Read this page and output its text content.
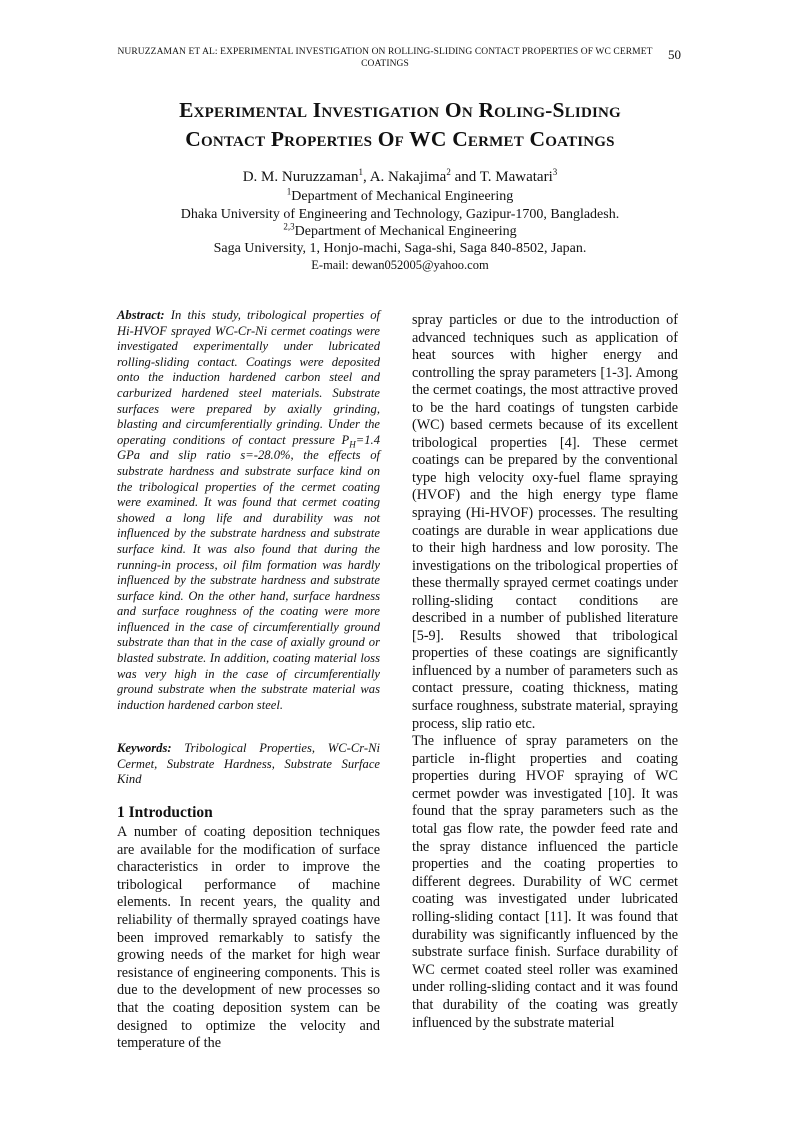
NURUZZAMAN ET AL: EXPERIMENTAL INVESTIGATION ON ROLLING-SLIDING CONTACT PROPERTIES OF WC CERMET COATINGS
50
Experimental Investigation On Roling-Sliding
Contact Properties Of WC Cermet Coatings
D. M. Nuruzzaman$^1$, A. Nakajima$^2$ and T. Mawatari$^3$
$^1$Department of Mechanical Engineering
Dhaka University of Engineering and Technology, Gazipur-1700, Bangladesh.
$^{2,3}$Department of Mechanical Engineering
Saga University, 1, Honjo-machi, Saga-shi, Saga 840-8502, Japan.
E-mail: dewan052005@yahoo.com

Abstract: In this study, tribological properties of Hi-HVOF sprayed WC-Cr-Ni cermet coatings were investigated experimentally under lubricated rolling-sliding contact. Coatings were deposited onto the induction hardened carbon steel and carburized hardened steel materials. Substrate surfaces were prepared by axially grinding, blasting and circumferentially grinding. Under the operating conditions of contact pressure $P_H=1.4$ GPa and slip ratio s=-28.0%, the effects of substrate hardness and substrate surface kind on the tribological properties of the cermet coating were examined. It was found that cermet coating showed a long life and durability was not influenced by the substrate hardness and substrate surface kind. It was also found that during the running-in process, oil film formation was hardly influenced by the substrate hardness and substrate surface kind. On the other hand, surface hardness and surface roughness of the coating were more influenced in the case of circumferentially ground substrate than that in the case of axially ground or blasted substrate. In addition, coating material loss was very high in the case of circumferentially ground substrate when the substrate material was induction hardened carbon steel.

Keywords: Tribological Properties, WC-Cr-Ni Cermet, Substrate Hardness, Substrate Surface Kind

1 Introduction

A number of coating deposition techniques are available for the modification of surface characteristics in order to improve the tribological performance of machine elements. In recent years, the quality and reliability of thermally sprayed coatings have been improved remarkably to satisfy the growing needs of the market for high wear resistance of engineering components. This is due to the development of new processes so that the coating deposition system can be designed to optimize the velocity and temperature of the

spray particles or due to the introduction of advanced techniques such as application of heat sources with higher energy and controlling the spray parameters [1-3]. Among the cermet coatings, the most attractive proved to be the hard coatings of tungsten carbide (WC) based cermets because of its excellent tribological properties [4]. These cermet coatings can be prepared by the conventional type high velocity oxy-fuel flame spraying (HVOF) and the high energy type flame spraying (Hi-HVOF) processes. The resulting coatings are durable in wear applications due to their high hardness and low porosity. The investigations on the tribological properties of these thermally sprayed cermet coatings under rolling-sliding contact conditions are described in a number of published literature [5-9]. Results showed that tribological properties of these coatings are significantly influenced by a number of parameters such as contact pressure, coating thickness, mating surface roughness, substrate material, spraying process, slip ratio etc.

The influence of spray parameters on the particle in-flight properties and coating properties during HVOF spraying of WC cermet powder was investigated [10]. It was found that the spray parameters such as the total gas flow rate, the powder feed rate and the spray distance influenced the particle properties and the coating properties to different degrees. Durability of WC cermet coating was investigated under lubricated rolling-sliding contact [11]. It was found that durability was significantly influenced by the substrate surface finish. Surface durability of WC cermet coated steel roller was examined under rolling-sliding contact and it was found that durability of the coating was greatly influenced by the substrate material
